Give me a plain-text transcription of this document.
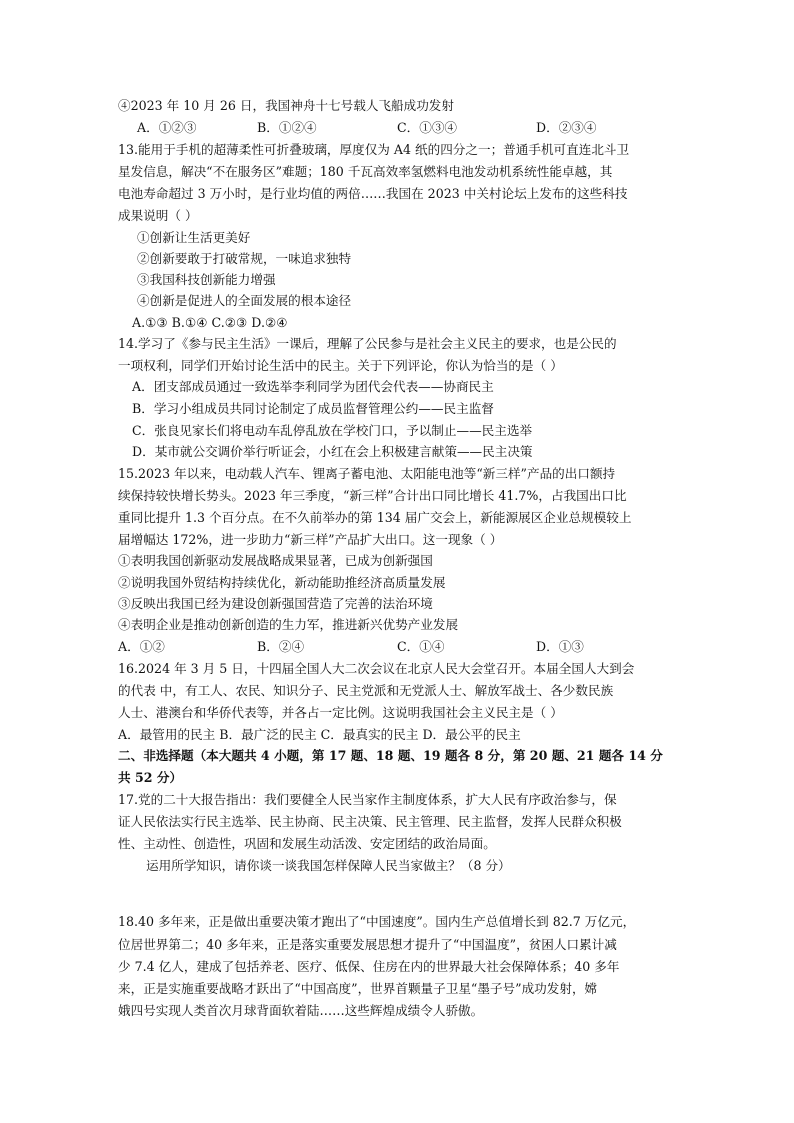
④2023 年 10 月 26 日，我国神舟十七号载人飞船成功发射
A．①②③	B．①②④	C．①③④	D．②③④
13.能用于手机的超薄柔性可折叠玻璃，厚度仅为 A4 纸的四分之一；普通手机可直连北斗卫
星发信息，解决“不在服务区”难题；180 千瓦高效率氢燃料电池发动机系统性能卓越，其
电池寿命超过 3 万小时，是行业均值的两倍……我国在 2023 中关村论坛上发布的这些科技
成果说明（ ）
①创新让生活更美好
②创新要敢于打破常规，一味追求独特
③我国科技创新能力增强
④创新是促进人的全面发展的根本途径
A.①③ B.①④ C.②③ D.②④
14.学习了《参与民主生活》一课后，理解了公民参与是社会主义民主的要求，也是公民的
一项权利，同学们开始讨论生活中的民主。关于下列评论，你认为恰当的是（ ）
A．团支部成员通过一致选举李利同学为团代会代表——协商民主
B．学习小组成员共同讨论制定了成员监督管理公约——民主监督
C．张良见家长们将电动车乱停乱放在学校门口，予以制止——民主选举
D．某市就公交调价举行听证会，小红在会上积极建言献策——民主决策
15.2023 年以来，电动载人汽车、锂离子蓄电池、太阳能电池等“新三样”产品的出口额持
续保持较快增长势头。2023 年三季度，“新三样”合计出口同比增长 41.7%，占我国出口比
重同比提升 1.3 个百分点。在不久前举办的第 134 届广交会上，新能源展区企业总规模较上
届增幅达 172%，进一步助力“新三样”产品扩大出口。这一现象（ ）
①表明我国创新驱动发展战略成果显著，已成为创新强国
②说明我国外贸结构持续优化，新动能助推经济高质量发展
③反映出我国已经为建设创新强国营造了完善的法治环境
④表明企业是推动创新创造的生力军，推进新兴优势产业发展
A．①②	B．②④	C．①④	D．①③
16.2024 年 3 月 5 日，十四届全国人大二次会议在北京人民大会堂召开。本届全国人大到会
的代表 中，有工人、农民、知识分子、民主党派和无党派人士、解放军战士、各少数民族
人士、港澳台和华侨代表等，并各占一定比例。这说明我国社会主义民主是（ ）
A．最管用的民主 B．最广泛的民主 C．最真实的民主 D．最公平的民主
二、非选择题（本大题共 4 小题，第 17 题、18 题、19 题各 8 分，第 20 题、21 题各 14 分
共 52 分）
17.党的二十大报告指出：我们要健全人民当家作主制度体系，扩大人民有序政治参与，保
证人民依法实行民主选举、民主协商、民主决策、民主管理、民主监督，发挥人民群众积极
性、主动性、创造性，巩固和发展生动活泼、安定团结的政治局面。
运用所学知识，请你谈一谈我国怎样保障人民当家做主？（8 分）
18.40 多年来，正是做出重要决策才跑出了“中国速度”。国内生产总值增长到 82.7 万亿元，
位居世界第二；40 多年来，正是落实重要发展思想才提升了“中国温度”，贫困人口累计减
少 7.4 亿人，建成了包括养老、医疗、低保、住房在内的世界最大社会保障体系；40 多年
来，正是实施重要战略才跃出了“中国高度”，世界首颗量子卫星“墨子号”成功发射，嫦
娥四号实现人类首次月球背面软着陆……这些辉煌成绩令人骄傲。
